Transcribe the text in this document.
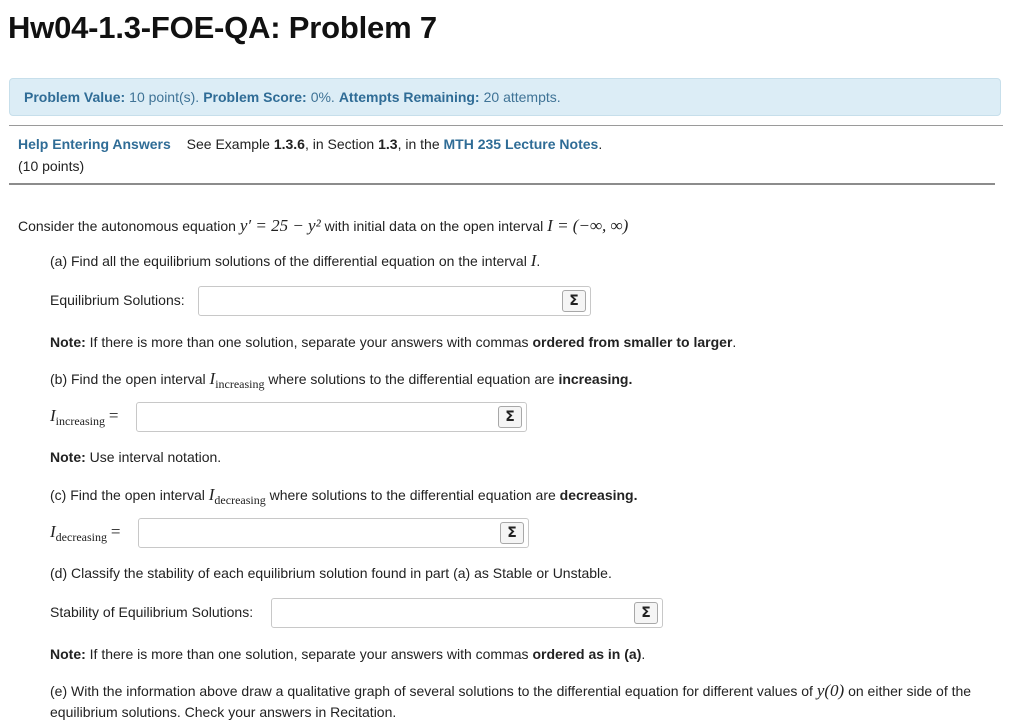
Hw04-1.3-FOE-QA: Problem 7
Problem Value: 10 point(s). Problem Score: 0%. Attempts Remaining: 20 attempts.
Help Entering Answers See Example 1.3.6, in Section 1.3, in the MTH 235 Lecture Notes.
(10 points)
Consider the autonomous equation y′ = 25 − y² with initial data on the open interval I = (−∞, ∞)
(a) Find all the equilibrium solutions of the differential equation on the interval I.
Equilibrium Solutions:	Σ
Note: If there is more than one solution, separate your answers with commas ordered from smaller to larger.
(b) Find the open interval Iincreasing where solutions to the differential equation are increasing.
Iincreasing =	Σ
Note: Use interval notation.
(c) Find the open interval Idecreasing where solutions to the differential equation are decreasing.
Idecreasing =	Σ
(d) Classify the stability of each equilibrium solution found in part (a) as Stable or Unstable.
Stability of Equilibrium Solutions:	Σ
Note: If there is more than one solution, separate your answers with commas ordered as in (a).
(e) With the information above draw a qualitative graph of several solutions to the differential equation for different values of y(0) on either side of the equilibrium solutions. Check your answers in Recitation.
